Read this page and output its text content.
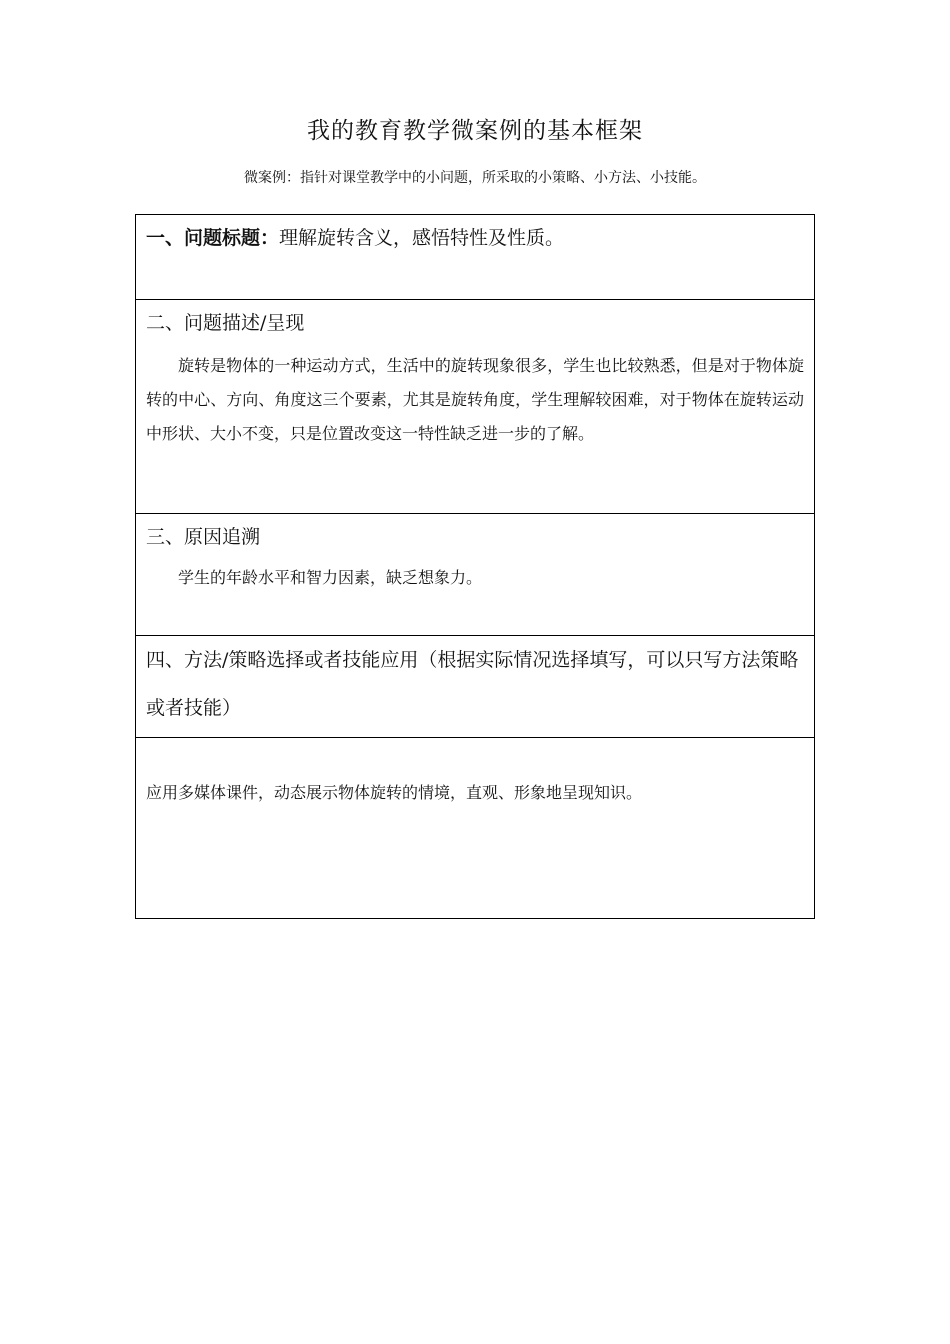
我的教育教学微案例的基本框架
微案例：指针对课堂教学中的小问题，所采取的小策略、小方法、小技能。
一、问题标题：理解旋转含义，感悟特性及性质。
二、问题描述/呈现
旋转是物体的一种运动方式，生活中的旋转现象很多，学生也比较熟悉，但是对于物体旋转的中心、方向、角度这三个要素，尤其是旋转角度，学生理解较困难，对于物体在旋转运动中形状、大小不变，只是位置改变这一特性缺乏进一步的了解。
三、原因追溯
学生的年龄水平和智力因素，缺乏想象力。
四、方法/策略选择或者技能应用（根据实际情况选择填写，可以只写方法策略或者技能）
应用多媒体课件，动态展示物体旋转的情境，直观、形象地呈现知识。
